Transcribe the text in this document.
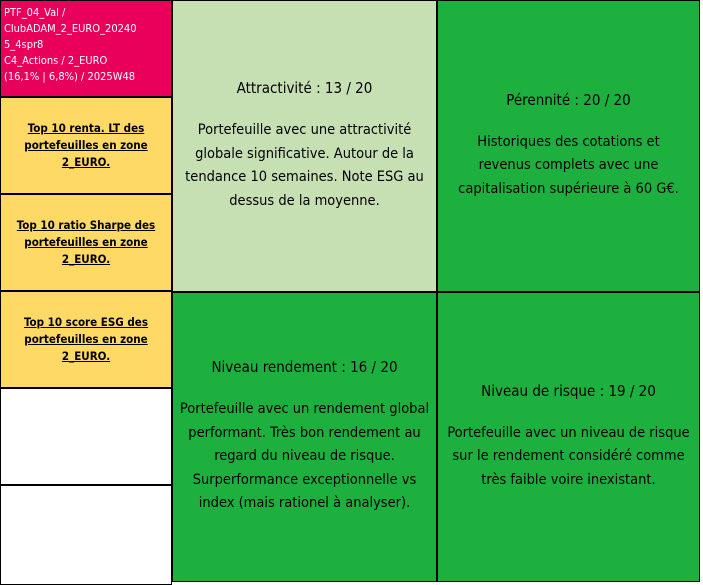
PTF_04_Val /
ClubADAM_2_EURO_20240
5_4spr8
C4_Actions / 2_EURO
(16,1% | 6,8%) / 2025W48
Top 10 renta. LT des portefeuilles en zone 2_EURO.
Top 10 ratio Sharpe des portefeuilles en zone 2_EURO.
Top 10 score ESG des portefeuilles en zone 2_EURO.
Attractivité : 13 / 20
Portefeuille avec une attractivité globale significative. Autour de la tendance 10 semaines. Note ESG au dessus de la moyenne.
Pérennité : 20 / 20
Historiques des cotations et revenus complets avec une capitalisation supérieure à 60 G€.
Niveau rendement : 16 / 20
Portefeuille avec un rendement global performant. Très bon rendement au regard du niveau de risque. Surperformance exceptionnelle vs index (mais rationel à analyser).
Niveau de risque : 19 / 20
Portefeuille avec un niveau de risque sur le rendement considéré comme très faible voire inexistant.
